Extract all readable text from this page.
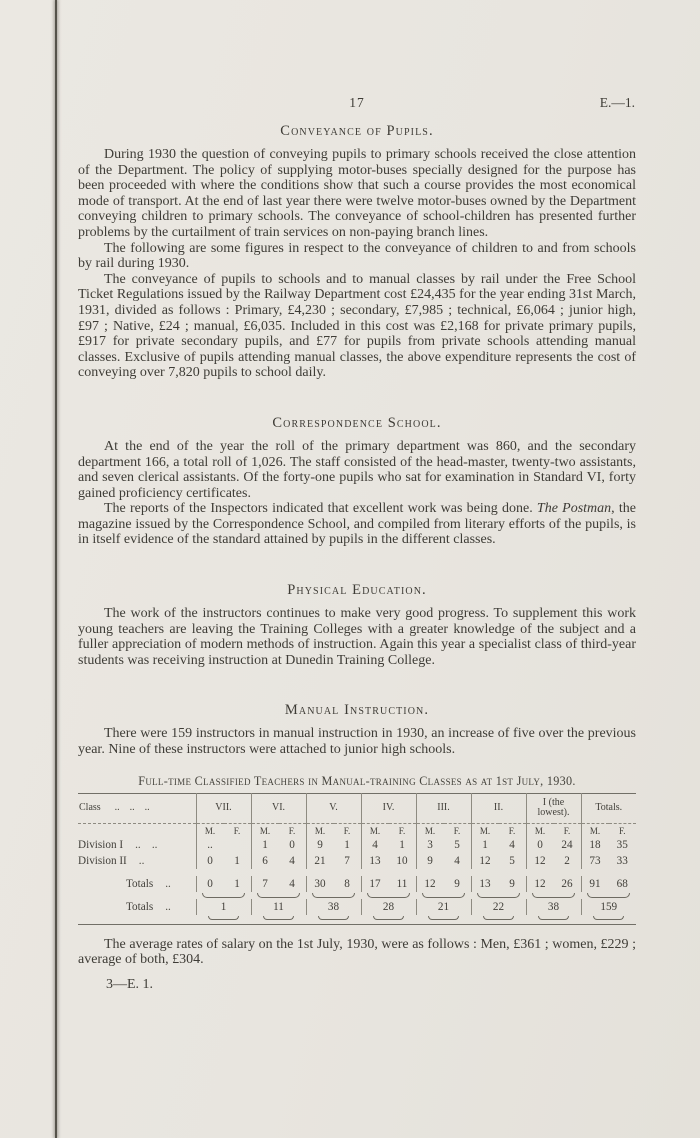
17	E.—1.
Conveyance of Pupils.

During 1930 the question of conveying pupils to primary schools received the close attention of the Department. The policy of supplying motor-buses specially designed for the purpose has been proceeded with where the conditions show that such a course provides the most economical mode of transport. At the end of last year there were twelve motor-buses owned by the Department conveying children to primary schools. The conveyance of school-children has presented further problems by the curtailment of train services on non-paying branch lines.

The following are some figures in respect to the conveyance of children to and from schools by rail during 1930.

The conveyance of pupils to schools and to manual classes by rail under the Free School Ticket Regulations issued by the Railway Department cost £24,435 for the year ending 31st March, 1931, divided as follows : Primary, £4,230 ; secondary, £7,985 ; technical, £6,064 ; junior high, £97 ; Native, £24 ; manual, £6,035. Included in this cost was £2,168 for private primary pupils, £917 for private secondary pupils, and £77 for pupils from private schools attending manual classes. Exclusive of pupils attending manual classes, the above expenditure represents the cost of conveying over 7,820 pupils to school daily.

Correspondence School.

At the end of the year the roll of the primary department was 860, and the secondary department 166, a total roll of 1,026. The staff consisted of the head-master, twenty-two assistants, and seven clerical assistants. Of the forty-one pupils who sat for examination in Standard VI, forty gained proficiency certificates.

The reports of the Inspectors indicated that excellent work was being done. The Postman, the magazine issued by the Correspondence School, and compiled from literary efforts of the pupils, is in itself evidence of the standard attained by pupils in the different classes.

Physical Education.

The work of the instructors continues to make very good progress. To supplement this work young teachers are leaving the Training Colleges with a greater knowledge of the subject and a fuller appreciation of modern methods of instruction. Again this year a specialist class of third-year students was receiving instruction at Dunedin Training College.

Manual Instruction.

There were 159 instructors in manual instruction in 1930, an increase of five over the previous year. Nine of these instructors were attached to junior high schools.

Full-time Classified Teachers in Manual-training Classes as at 1st July, 1930.
Class ..  ..  ..	VII.		VI.		V.		IV.		III.		II.		I (the lowest).		Totals.	
	M.	F.	M.	F.	M.	F.	M.	F.	M.	F.	M.	F.	M.	F.	M.	F.
Division I ..  ..	..		1	0	9	1	4	1	3	5	1	4	0	24	18	35
Division II ..	0	1	6	4	21	7	13	10	9	4	12	5	12	2	73	33

Totals ..	0	1	7	4	30	8	17	11	12	9	13	9	12	26	91	68

Totals ..	1		11		38		28		21		22		38		159	

The average rates of salary on the 1st July, 1930, were as follows : Men, £361 ; women, £229 ; average of both, £304.

3—E. 1.
